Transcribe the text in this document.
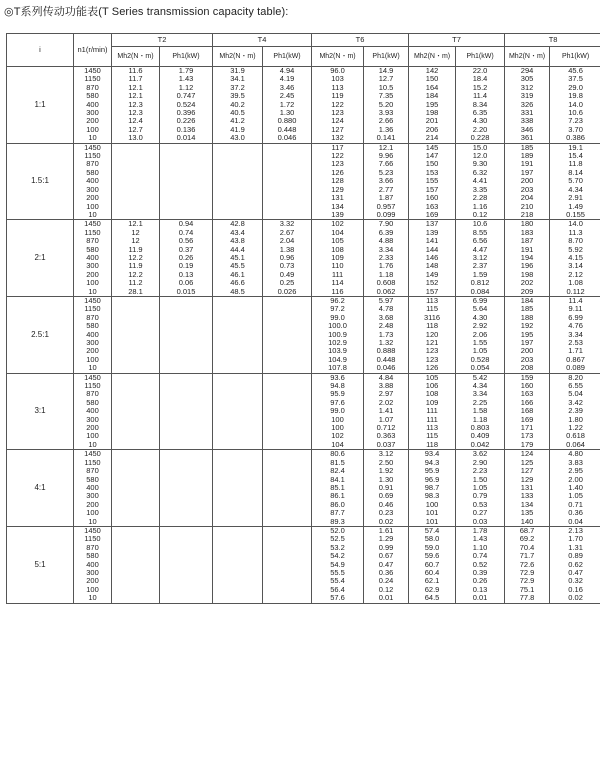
◎T系列传动功能表(T Series transmission capacity table):
i	n1(r/min)	T2		T4		T6		T7		T8	
		Mh2(N・m)	Ph1(kW)	Mh2(N・m)	Ph1(kW)	Mh2(N・m)	Ph1(kW)	Mh2(N・m)	Ph1(kW)	Mh2(N・m)	Ph1(kW)
1:1	1450	11.6	1.79	31.9	4.94	96.0	14.9	142	22.0	294	45.6
	1150	11.7	1.43	34.1	4.19	103	12.7	150	18.4	305	37.5
	870	12.1	1.12	37.2	3.46	113	10.5	164	15.2	312	29.0
	580	12.1	0.747	39.5	2.45	119	7.35	184	11.4	319	19.8
	400	12.3	0.524	40.2	1.72	122	5.20	195	8.34	326	14.0
	300	12.3	0.396	40.5	1.30	123	3.93	198	6.35	331	10.6
	200	12.4	0.226	41.2	0.880	124	2.66	201	4.30	338	7.23
	100	12.7	0.136	41.9	0.448	127	1.36	206	2.20	346	3.70
	10	13.0	0.014	43.0	0.046	132	0.141	214	0.228	361	0.386
1.5:1	1450					117	12.1	145	15.0	185	19.1
	1150					122	9.96	147	12.0	189	15.4
	870					123	7.66	150	9.30	191	11.8
	580					126	5.23	153	6.32	197	8.14
	400					128	3.66	155	4.41	200	5.70
	300					129	2.77	157	3.35	203	4.34
	200					131	1.87	160	2.28	204	2.91
	100					134	0.957	163	1.16	210	1.49
	10					139	0.099	169	0.12	218	0.155
2:1	1450	12.1	0.94	42.8	3.32	102	7.90	137	10.6	180	14.0
	1150	12	0.74	43.4	2.67	104	6.39	139	8.55	183	11.3
	870	12	0.56	43.8	2.04	105	4.88	141	6.56	187	8.70
	580	11.9	0.37	44.4	1.38	108	3.34	144	4.47	191	5.92
	400	12.2	0.26	45.1	0.96	109	2.33	146	3.12	194	4.15
	300	11.9	0.19	45.5	0.73	110	1.76	148	2.37	196	3.14
	200	12.2	0.13	46.1	0.49	111	1.18	149	1.59	198	2.12
	100	11.2	0.06	46.6	0.25	114	0.608	152	0.812	202	1.08
	10	28.1	0.015	48.5	0.026	116	0.062	157	0.084	209	0.112
2.5:1	1450					96.2	5.97	113	6.99	184	11.4
	1150					97.2	4.78	115	5.64	185	9.11
	870					99.0	3.68	3116	4.30	188	6.99
	580					100.0	2.48	118	2.92	192	4.76
	400					100.9	1.73	120	2.06	195	3.34
	300					102.9	1.32	121	1.55	197	2.53
	200					103.9	0.888	123	1.05	200	1.71
	100					104.9	0.448	123	0.528	203	0.867
	10					107.8	0.046	126	0.054	208	0.089
3:1	1450					93.6	4.84	105	5.42	159	8.20
	1150					94.8	3.88	106	4.34	160	6.55
	870					95.9	2.97	108	3.34	163	5.04
	580					97.6	2.02	109	2.25	166	3.42
	400					99.0	1.41	111	1.58	168	2.39
	300					100	1.07	111	1.18	169	1.80
	200					100	0.712	113	0.803	171	1.22
	100					102	0.363	115	0.409	173	0.618
	10					104	0.037	118	0.042	179	0.064
4:1	1450					80.6	3.12	93.4	3.62	124	4.80
	1150					81.5	2.50	94.3	2.90	125	3.83
	870					82.4	1.92	95.9	2.23	127	2.95
	580					84.1	1.30	96.9	1.50	129	2.00
	400					85.1	0.91	98.7	1.05	131	1.40
	300					86.1	0.69	98.3	0.79	133	1.05
	200					86.0	0.46	100	0.53	134	0.71
	100					87.7	0.23	101	0.27	135	0.36
	10					89.3	0.02	101	0.03	140	0.04
5:1	1450					52.0	1.61	57.4	1.78	68.7	2.13
	1150					52.5	1.29	58.0	1.43	69.2	1.70
	870					53.2	0.99	59.0	1.10	70.4	1.31
	580					54.2	0.67	59.6	0.74	71.7	0.89
	400					54.9	0.47	60.7	0.52	72.6	0.62
	300					55.5	0.36	60.4	0.39	72.9	0.47
	200					55.4	0.24	62.1	0.26	72.9	0.32
	100					56.4	0.12	62.9	0.13	75.1	0.16
	10					57.6	0.01	64.5	0.01	77.8	0.02
